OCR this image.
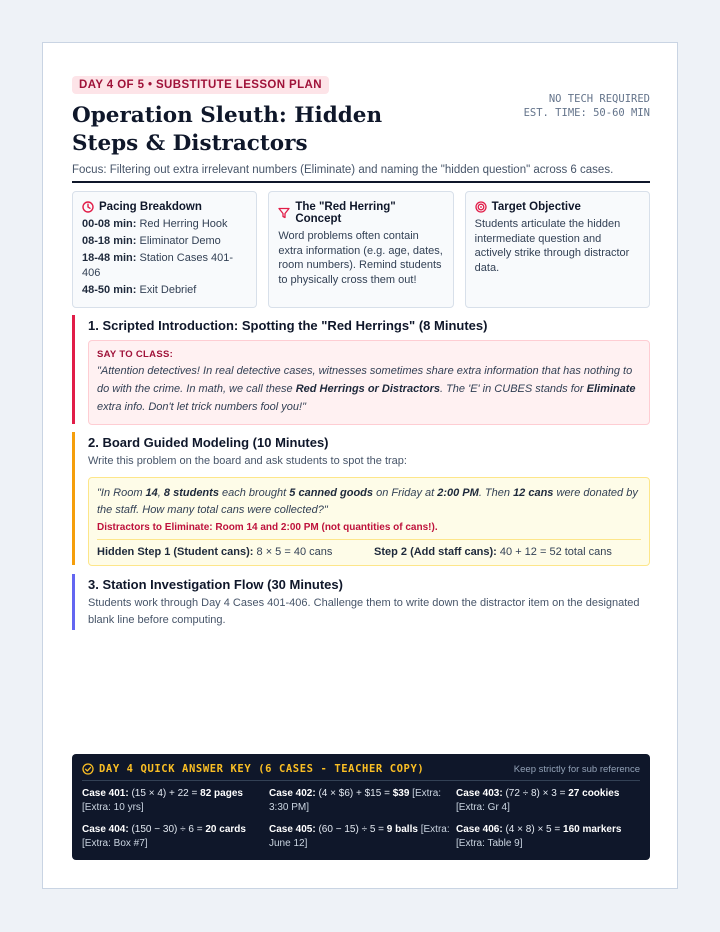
DAY 4 OF 5 • SUBSTITUTE LESSON PLAN
Operation Sleuth: Hidden Steps & Distractors
NO TECH REQUIRED
EST. TIME: 50-60 MIN
Focus: Filtering out extra irrelevant numbers (Eliminate) and naming the "hidden question" across 6 cases.
Pacing Breakdown
00-08 min: Red Herring Hook
08-18 min: Eliminator Demo
18-48 min: Station Cases 401-406
48-50 min: Exit Debrief
The "Red Herring" Concept
Word problems often contain extra information (e.g. age, dates, room numbers). Remind students to physically cross them out!
Target Objective
Students articulate the hidden intermediate question and actively strike through distractor data.
1. Scripted Introduction: Spotting the "Red Herrings" (8 Minutes)
SAY TO CLASS:
"Attention detectives! In real detective cases, witnesses sometimes share extra information that has nothing to do with the crime. In math, we call these Red Herrings or Distractors. The 'E' in CUBES stands for Eliminate extra info. Don't let trick numbers fool you!"
2. Board Guided Modeling (10 Minutes)
Write this problem on the board and ask students to spot the trap:
"In Room 14, 8 students each brought 5 canned goods on Friday at 2:00 PM. Then 12 cans were donated by the staff. How many total cans were collected?"
Distractors to Eliminate: Room 14 and 2:00 PM (not quantities of cans!).
Hidden Step 1 (Student cans): 8 × 5 = 40 cans	Step 2 (Add staff cans): 40 + 12 = 52 total cans
3. Station Investigation Flow (30 Minutes)
Students work through Day 4 Cases 401-406. Challenge them to write down the distractor item on the designated blank line before computing.
DAY 4 QUICK ANSWER KEY (6 CASES - TEACHER COPY)	Keep strictly for sub reference
Case 401: (15 × 4) + 22 = 82 pages [Extra: 10 yrs]
Case 402: (4 × $6) + $15 = $39 [Extra: 3:30 PM]
Case 403: (72 ÷ 8) × 3 = 27 cookies [Extra: Gr 4]
Case 404: (150 − 30) ÷ 6 = 20 cards [Extra: Box #7]
Case 405: (60 − 15) ÷ 5 = 9 balls [Extra: June 12]
Case 406: (4 × 8) × 5 = 160 markers [Extra: Table 9]
